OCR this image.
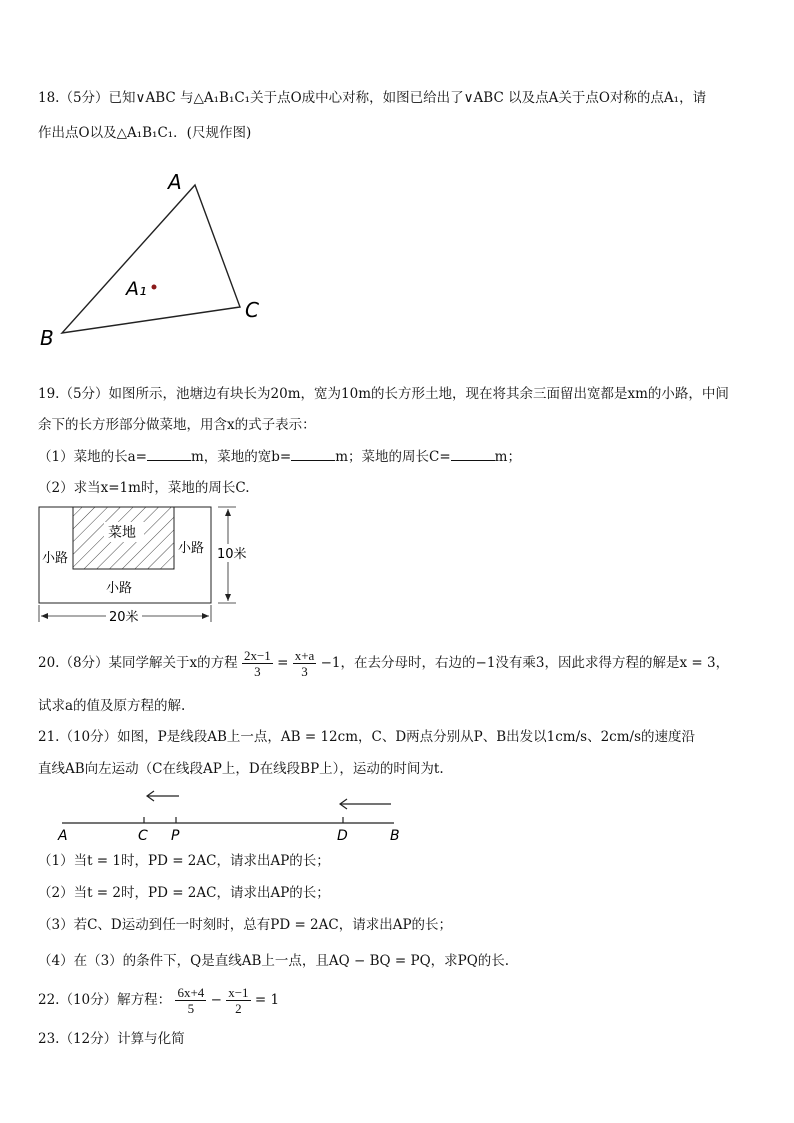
18.（5分）已知∨ABC 与△A₁B₁C₁关于点O成中心对称，如图已给出了∨ABC 以及点A关于点O对称的点A₁，请
作出点O以及△A₁B₁C₁．(尺规作图)
A
C
B
A₁
19.（5分）如图所示，池塘边有块长为20m，宽为10m的长方形土地，现在将其余三面留出宽都是xm的小路，中间
余下的长方形部分做菜地，用含x的式子表示：
（1）菜地的长a=	m，菜地的宽b=	m；菜地的周长C=	m；
（2）求当x=1m时，菜地的周长C.
菜地
小路
小路
小路
10米
20米
20.（8分）某同学解关于x的方程 $\frac{2x-1}{3} = \frac{x+a}{3} -1$，在去分母时，右边的−1没有乘3，因此求得方程的解是x = 3，
试求a的值及原方程的解.
21.（10分）如图，P是线段AB上一点，AB = 12cm，C、D两点分别从P、B出发以1cm/s、2cm/s的速度沿
直线AB向左运动（C在线段AP上，D在线段BP上），运动的时间为t.
A	C P	D	B
（1）当t = 1时，PD = 2AC，请求出AP的长；
（2）当t = 2时，PD = 2AC，请求出AP的长；
（3）若C、D运动到任一时刻时，总有PD = 2AC，请求出AP的长；
（4）在（3）的条件下，Q是直线AB上一点，且AQ − BQ = PQ，求PQ的长.
22.（10分）解方程： $\frac{6x+4}{5} - \frac{x-1}{2} = 1$
23.（12分）计算与化简
